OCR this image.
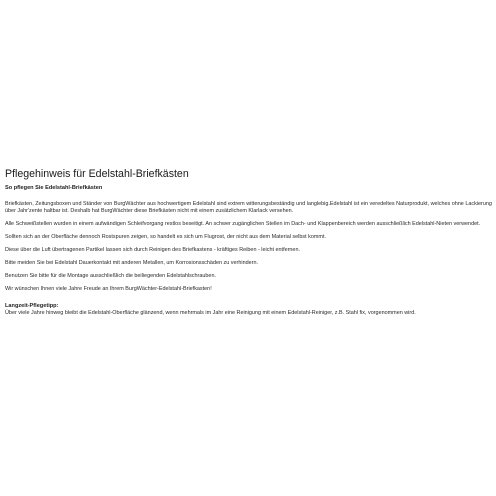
Pflegehinweis für Edelstahl-Briefkästen
So pflegen Sie Edelstahl-Briefkästen

Briefkästen, Zeitungsboxen und Ständer von BurgWächter aus hochwertigem Edelstahl sind extrem witterungsbeständig und langlebig.Edelstahl ist ein veredeltes Naturprodukt, welches ohne Lackierung über Jahr'zente haltbar ist. Deshalb hat BurgWächter diese Briefkästen nicht mit einem zusätzlichem Klarlack versehen.

Alle Schweißstellen wurden in einem aufwändigen Schleifvorgang restlos beseitigt. An schwer zugänglichen Stellen im Dach- und Klappenbereich werden ausschließlich Edelstahl-Nieten verwendet.

Sollten sich an der Oberfläche dennoch Rostspuren zeigen, so handelt es sich um Flugrost, der nicht aus dem Material selbst kommt.

Diese über die Luft übertragenen Partikel lassen sich durch Reinigen des Briefkastens - kräftiges Reiben - leicht entfernen.

Bitte meiden Sie bei Edelstahl Dauerkontakt mit anderen Metallen, um Korrosionsschäden zu verhindern.

Benutzen Sie bitte für die Montage ausschließlich die beiliegenden Edelstahlschrauben.

Wir wünschen Ihnen viele Jahre Freude an Ihrem BurgWächter-Edelstahl-Briefkasten!

Langzeit-Pflegetipp:

Über viele Jahre hinweg bleibt die Edelstahl-Oberfläche glänzend, wenn mehrmals im Jahr eine Reinigung mit einem Edelstahl-Reiniger, z.B. Stahl fix, vorgenommen wird.
